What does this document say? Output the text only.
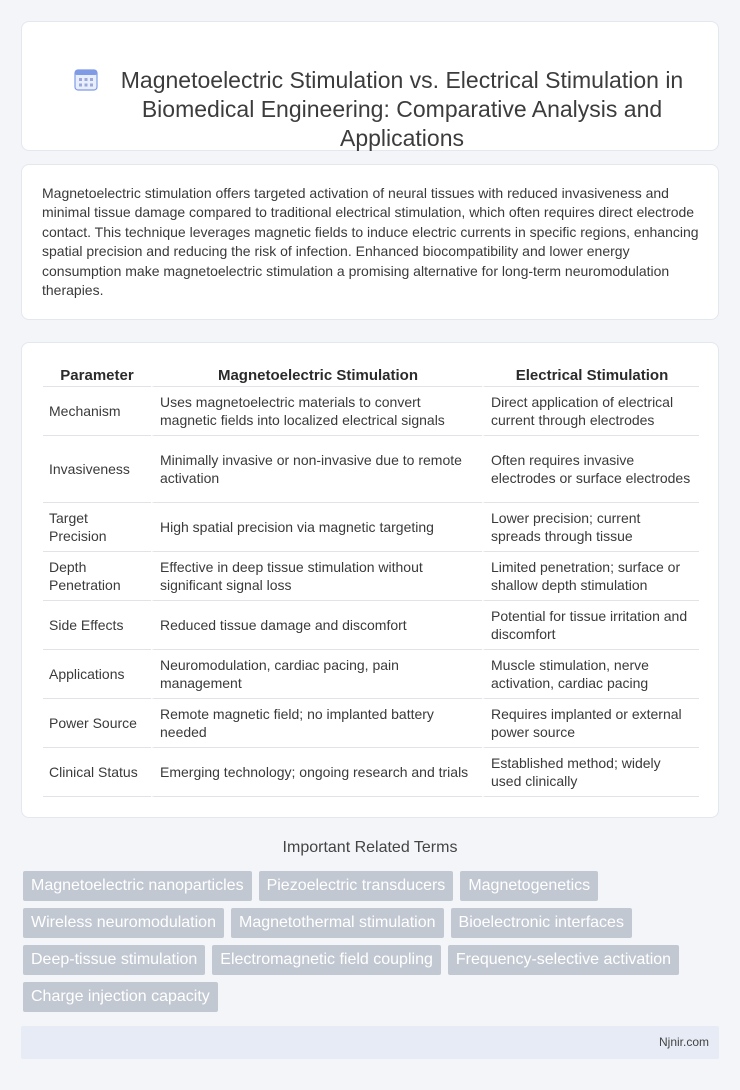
Magnetoelectric Stimulation vs. Electrical Stimulation in Biomedical Engineering: Comparative Analysis and Applications

Magnetoelectric stimulation offers targeted activation of neural tissues with reduced invasiveness and minimal tissue damage compared to traditional electrical stimulation, which often requires direct electrode contact. This technique leverages magnetic fields to induce electric currents in specific regions, enhancing spatial precision and reducing the risk of infection. Enhanced biocompatibility and lower energy consumption make magnetoelectric stimulation a promising alternative for long-term neuromodulation therapies.

Parameter	Magnetoelectric Stimulation	Electrical Stimulation
Mechanism	Uses magnetoelectric materials to convert magnetic fields into localized electrical signals	Direct application of electrical current through electrodes
Invasiveness	Minimally invasive or non-invasive due to remote activation	Often requires invasive electrodes or surface electrodes
Target Precision	High spatial precision via magnetic targeting	Lower precision; current spreads through tissue
Depth Penetration	Effective in deep tissue stimulation without significant signal loss	Limited penetration; surface or shallow depth stimulation
Side Effects	Reduced tissue damage and discomfort	Potential for tissue irritation and discomfort
Applications	Neuromodulation, cardiac pacing, pain management	Muscle stimulation, nerve activation, cardiac pacing
Power Source	Remote magnetic field; no implanted battery needed	Requires implanted or external power source
Clinical Status	Emerging technology; ongoing research and trials	Established method; widely used clinically
Important Related Terms
Magnetoelectric nanoparticles	Piezoelectric transducers	Magnetogenetics
Wireless neuromodulation	Magnetothermal stimulation	Bioelectronic interfaces
Deep-tissue stimulation	Electromagnetic field coupling	Frequency-selective activation
Charge injection capacity
Njnir.com
